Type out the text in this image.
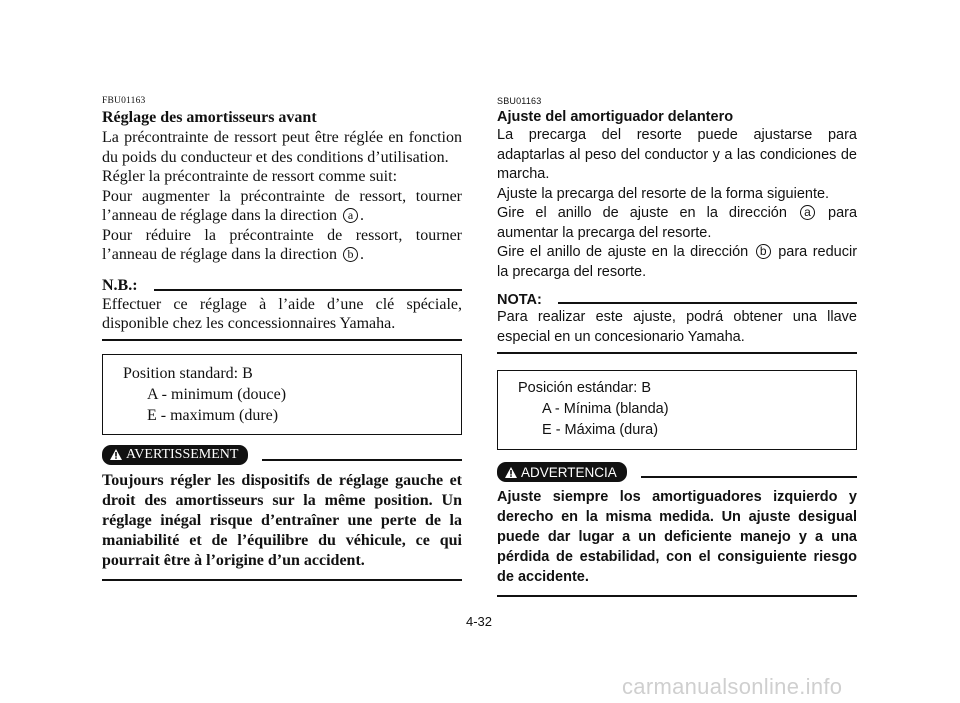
FBU01163
Réglage des amortisseurs avant

La précontrainte de ressort peut être réglée en fonction du poids du conducteur et des conditions d’utilisation.

Régler la précontrainte de ressort comme suit:

Pour augmenter la précontrainte de ressort, tourner l’anneau de réglage dans la direction a .

Pour réduire la précontrainte de ressort, tourner l’anneau de réglage dans la direction b .

N.B.:

Effectuer ce réglage à l’aide d’une clé spéciale, disponible chez les concessionnaires Yamaha.

Position standard: B
A - minimum (douce)
E - maximum (dure)
AVERTISSEMENT

Toujours régler les dispositifs de réglage gauche et droit des amortisseurs sur la même position. Un réglage inégal risque d’entraîner une perte de la maniabilité et de l’équilibre du véhicule, ce qui pourrait être à l’origine d’un accident.

SBU01163
Ajuste del amortiguador delantero

La precarga del resorte puede ajustarse para adaptarlas al peso del conductor y a las condiciones de marcha.

Ajuste la precarga del resorte de la forma siguiente.

Gire el anillo de ajuste en la dirección a para aumentar la precarga del resorte.

Gire el anillo de ajuste en la dirección b para reducir la precarga del resorte.

NOTA:

Para realizar este ajuste, podrá obtener una llave especial en un concesionario Yamaha.

Posición estándar: B
A - Mínima (blanda)
E - Máxima (dura)
ADVERTENCIA

Ajuste siempre los amortiguadores izquierdo y derecho en la misma medida. Un ajuste desigual puede dar lugar a un deficiente manejo y a una pérdida de estabilidad, con el consiguiente riesgo de accidente.

4-32
carmanualsonline.info
